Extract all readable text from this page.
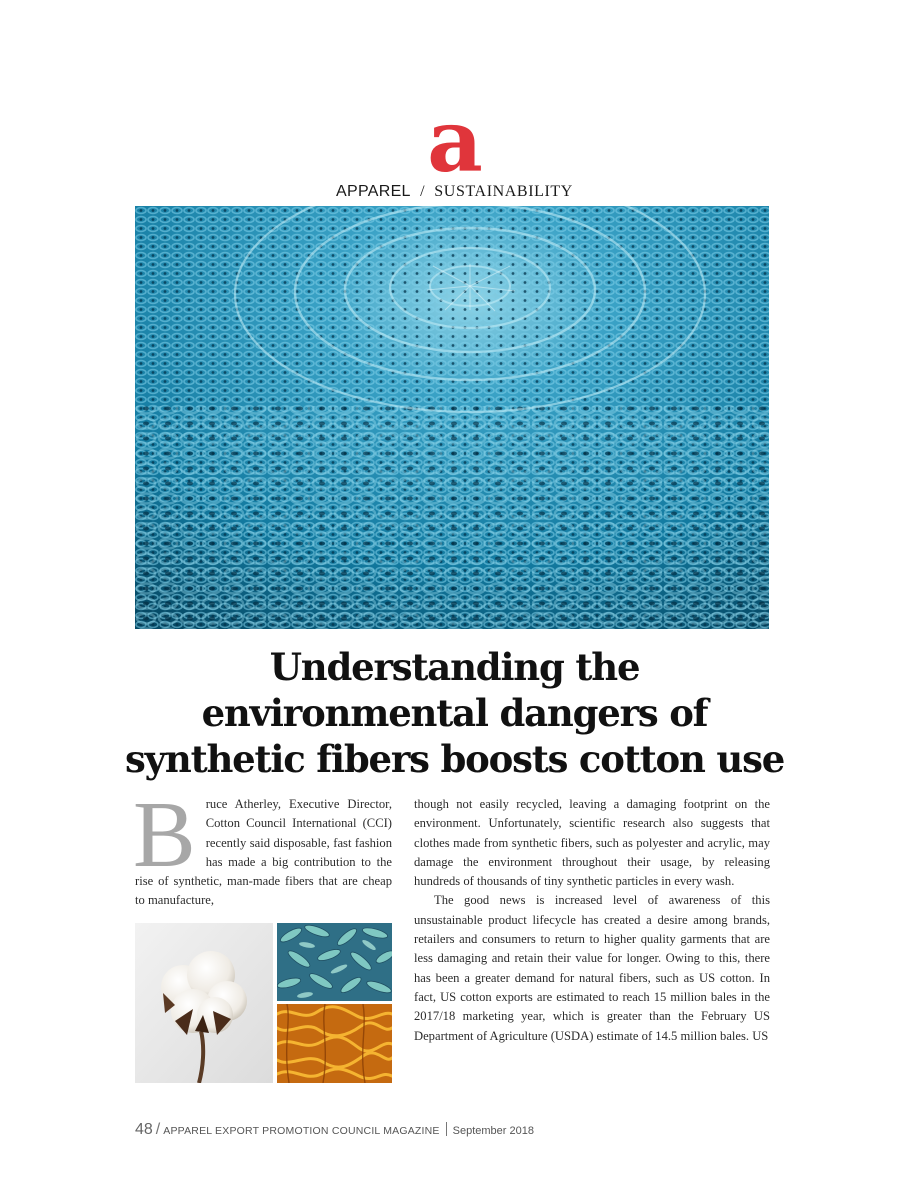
a
APPAREL / SUSTAINABILITY
Understanding the
environmental dangers of
synthetic fibers boosts cotton use
B ruce Atherley, Executive Director, Cotton Council International (CCI) recently said disposable, fast fashion has made a big contribution to the rise of synthetic, man-made fibers that are cheap to manufacture,

though not easily recycled, leaving a damaging footprint on the environment. Unfortunately, scientific research also suggests that clothes made from synthetic fibers, such as polyester and acrylic, may damage the environment throughout their usage, by releasing hundreds of thousands of tiny synthetic particles in every wash.

The good news is increased level of awareness of this unsustainable product lifecycle has created a desire among brands, retailers and consumers to return to higher quality garments that are less damaging and retain their value for longer. Owing to this, there has been a greater demand for natural fibers, such as US cotton. In fact, US cotton exports are estimated to reach 15 million bales in the 2017/18 marketing year, which is greater than the February US Department of Agriculture (USDA) estimate of 14.5 million bales. US

48 / APPAREL EXPORT PROMOTION COUNCIL MAGAZINE September 2018
